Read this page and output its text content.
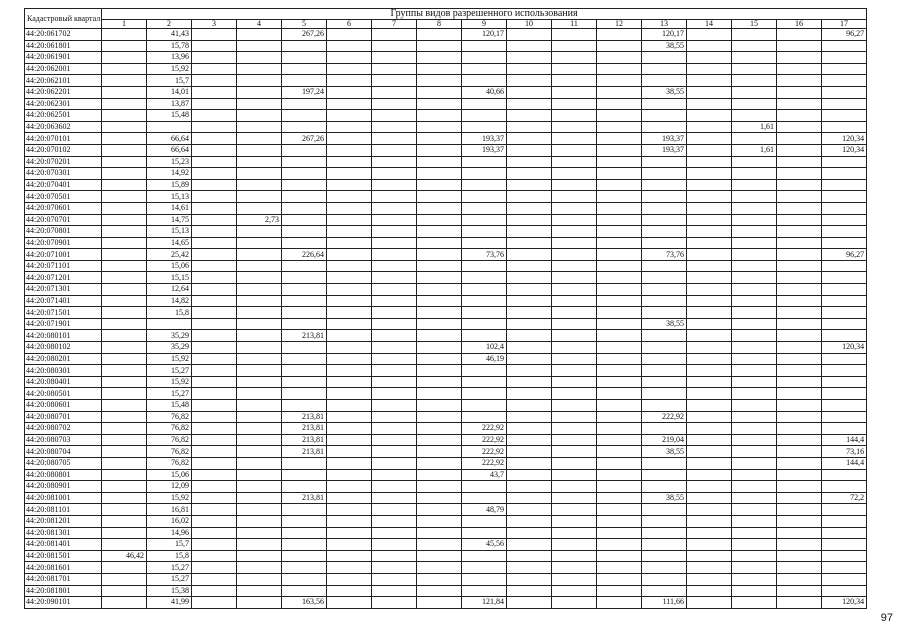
Кадастровый квартал	Группы видов разрешенного использования																
	1	2	3	4	5	6	7	8	9	10	11	12	13	14	15	16	17
44:20:061702		41,43			267,26				120,17				120,17				96,27
44:20:061801		15,78											38,55				
44:20:061901		13,96															
44:20:062001		15,92															
44:20:062101		15,7															
44:20:062201		14,01			197,24				40,66				38,55				
44:20:062301		13,87															
44:20:062501		15,48															
44:20:063602															1,61		
44:20:070101		66,64			267,26				193,37				193,37				120,34
44:20:070102		66,64							193,37				193,37		1,61		120,34
44:20:070201		15,23															
44:20:070301		14,92															
44:20:070401		15,89															
44:20:070501		15,13															
44:20:070601		14,61															
44:20:070701		14,75		2,73													
44:20:070801		15,13															
44:20:070901		14,65															
44:20:071001		25,42			226,64				73,76				73,76				96,27
44:20:071101		15,06															
44:20:071201		15,15															
44:20:071301		12,64															
44:20:071401		14,82															
44:20:071501		15,8															
44:20:071901													38,55				
44:20:080101		35,29			213,81												
44:20:080102		35,29							102,4								120,34
44:20:080201		15,92							46,19								
44:20:080301		15,27															
44:20:080401		15,92															
44:20:080501		15,27															
44:20:080601		15,48															
44:20:080701		76,82			213,81								222,92				
44:20:080702		76,82			213,81				222,92								
44:20:080703		76,82			213,81				222,92				219,04				144,4
44:20:080704		76,82			213,81				222,92				38,55				73,16
44:20:080705		76,82							222,92								144,4
44:20:080801		15,06							43,7								
44:20:080901		12,09															
44:20:081001		15,92			213,81								38,55				72,2
44:20:081101		16,81							48,79								
44:20:081201		16,02															
44:20:081301		14,96															
44:20:081401		15,7							45,56								
44:20:081501	46,42	15,8															
44:20:081601		15,27															
44:20:081701		15,27															
44:20:081801		15,38															
44:20:090101		41,99			163,56				121,84				111,66				120,34
97
